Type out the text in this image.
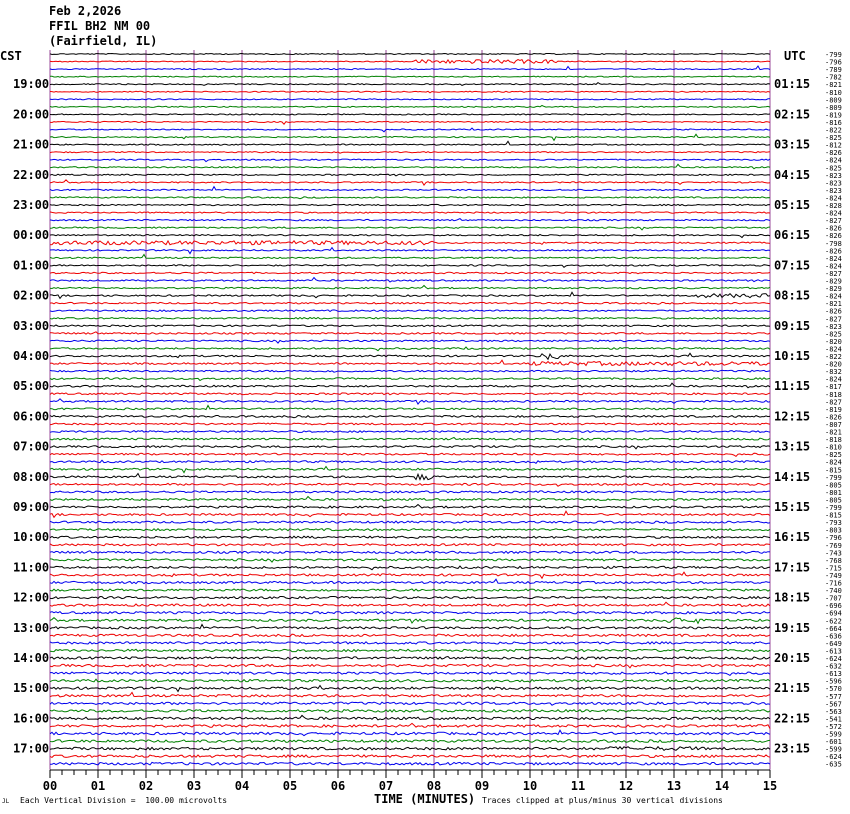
19:00
20:00
21:00
22:00
23:00
00:00
01:00
02:00
03:00
04:00
05:00
06:00
07:00
08:00
09:00
10:00
11:00
12:00
13:00
14:00
15:00
16:00
17:00
01:15
02:15
03:15
04:15
05:15
06:15
07:15
08:15
09:15
10:15
11:15
12:15
13:15
14:15
15:15
16:15
17:15
18:15
19:15
20:15
21:15
22:15
23:15
-799
-796
-789
-782
-821
-810
-809
-809
-819
-816
-822
-825
-812
-826
-824
-825
-823
-823
-823
-824
-828
-824
-827
-826
-826
-798
-826
-824
-824
-827
-829
-829
-824
-821
-826
-827
-823
-825
-820
-824
-822
-820
-832
-824
-817
-818
-827
-819
-826
-807
-821
-818
-810
-825
-824
-815
-799
-805
-801
-805
-799
-815
-793
-803
-796
-769
-743
-768
-715
-749
-716
-740
-707
-696
-694
-622
-664
-636
-649
-613
-624
-632
-613
-596
-570
-577
-567
-563
-541
-572
-599
-601
-599
-624
-635
00	01	02	03	04	05	06	07	08	09	10	11	12	13	14	15
Feb 2,2026
FFIL BH2 NM 00
(Fairfield, IL)
CST	UTC
TIME (MINUTES)
Each Vertical Division =  100.00 microvolts	Traces clipped at plus/minus 30 vertical divisions
JL
